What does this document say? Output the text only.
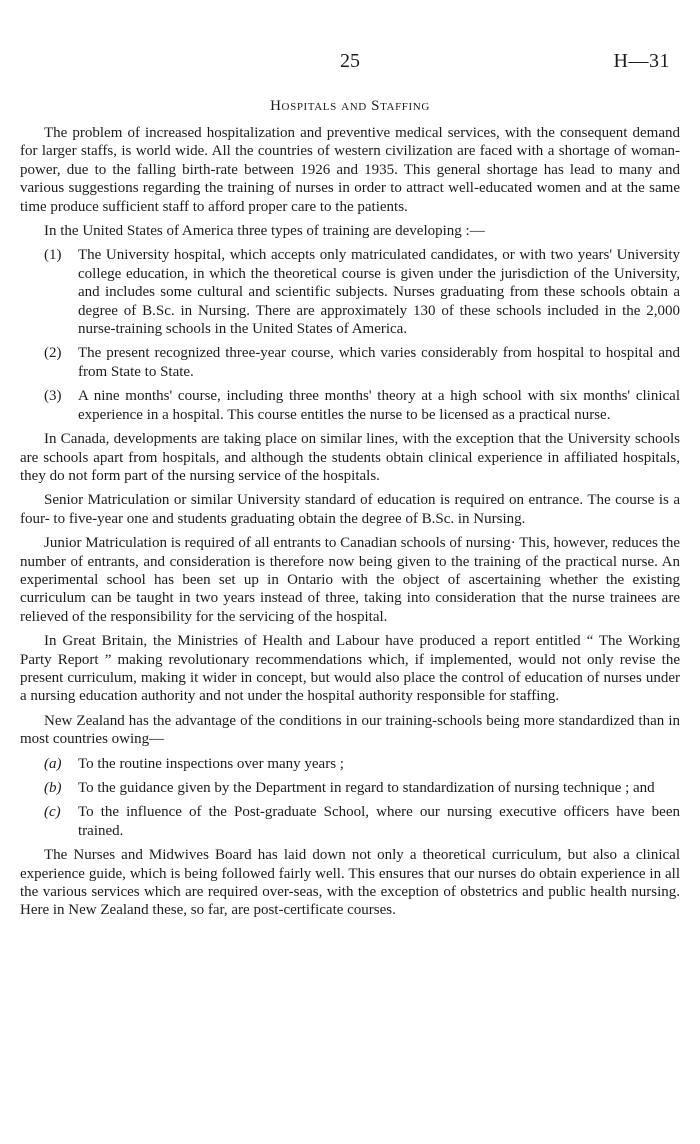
25	H—31
Hospitals and Staffing

The problem of increased hospitalization and preventive medical services, with the consequent demand for larger staffs, is world wide. All the countries of western civilization are faced with a shortage of woman-power, due to the falling birth-rate between 1926 and 1935. This general shortage has lead to many and various suggestions regarding the training of nurses in order to attract well-educated women and at the same time produce sufficient staff to afford proper care to the patients.

In the United States of America three types of training are developing :—

(1)	The University hospital, which accepts only matriculated candidates, or with two years' University college education, in which the theoretical course is given under the jurisdiction of the University, and includes some cultural and scientific subjects. Nurses graduating from these schools obtain a degree of B.Sc. in Nursing. There are approximately 130 of these schools included in the 2,000 nurse-training schools in the United States of America.
(2)	The present recognized three-year course, which varies considerably from hospital to hospital and from State to State.
(3)	A nine months' course, including three months' theory at a high school with six months' clinical experience in a hospital. This course entitles the nurse to be licensed as a practical nurse.

In Canada, developments are taking place on similar lines, with the exception that the University schools are schools apart from hospitals, and although the students obtain clinical experience in affiliated hospitals, they do not form part of the nursing service of the hospitals.

Senior Matriculation or similar University standard of education is required on entrance. The course is a four- to five-year one and students graduating obtain the degree of B.Sc. in Nursing.

Junior Matriculation is required of all entrants to Canadian schools of nursing· This, however, reduces the number of entrants, and consideration is therefore now being given to the training of the practical nurse. An experimental school has been set up in Ontario with the object of ascertaining whether the existing curriculum can be taught in two years instead of three, taking into consideration that the nurse trainees are relieved of the responsibility for the servicing of the hospital.

In Great Britain, the Ministries of Health and Labour have produced a report entitled “ The Working Party Report ” making revolutionary recommendations which, if implemented, would not only revise the present curriculum, making it wider in concept, but would also place the control of education of nurses under a nursing education authority and not under the hospital authority responsible for staffing.

New Zealand has the advantage of the conditions in our training-schools being more standardized than in most countries owing—

(a)	To the routine inspections over many years ;
(b)	To the guidance given by the Department in regard to standardization of nursing technique ; and
(c)	To the influence of the Post-graduate School, where our nursing executive officers have been trained.

The Nurses and Midwives Board has laid down not only a theoretical curriculum, but also a clinical experience guide, which is being followed fairly well. This ensures that our nurses do obtain experience in all the various services which are required over-seas, with the exception of obstetrics and public health nursing. Here in New Zealand these, so far, are post-certificate courses.
